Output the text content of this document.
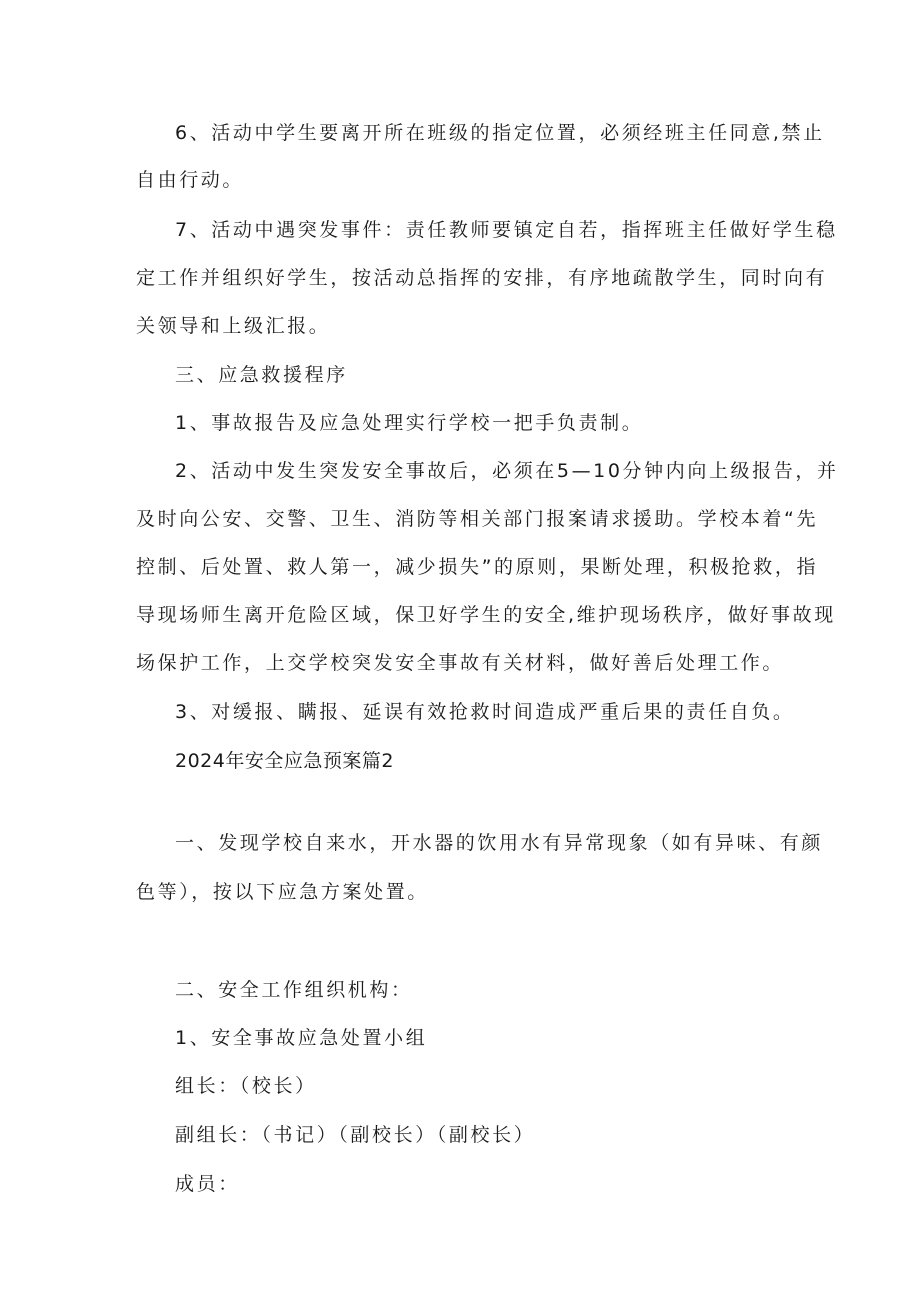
6、活动中学生要离开所在班级的指定位置，必须经班主任同意,禁止

自由行动。

7、活动中遇突发事件：责任教师要镇定自若，指挥班主任做好学生稳

定工作并组织好学生，按活动总指挥的安排，有序地疏散学生，同时向有

关领导和上级汇报。

三、应急救援程序

1、事故报告及应急处理实行学校一把手负责制。

2、活动中发生突发安全事故后，必须在5—10分钟内向上级报告，并

及时向公安、交警、卫生、消防等相关部门报案请求援助。学校本着“先

控制、后处置、救人第一，减少损失”的原则，果断处理，积极抢救，指

导现场师生离开危险区域，保卫好学生的安全,维护现场秩序，做好事故现

场保护工作，上交学校突发安全事故有关材料，做好善后处理工作。

3、对缓报、瞒报、延误有效抢救时间造成严重后果的责任自负。

2024年安全应急预案篇2

一、发现学校自来水，开水器的饮用水有异常现象（如有异味、有颜

色等），按以下应急方案处置。

二、安全工作组织机构：

1、安全事故应急处置小组

组长：（校长）

副组长：（书记）（副校长）（副校长）

成员：
